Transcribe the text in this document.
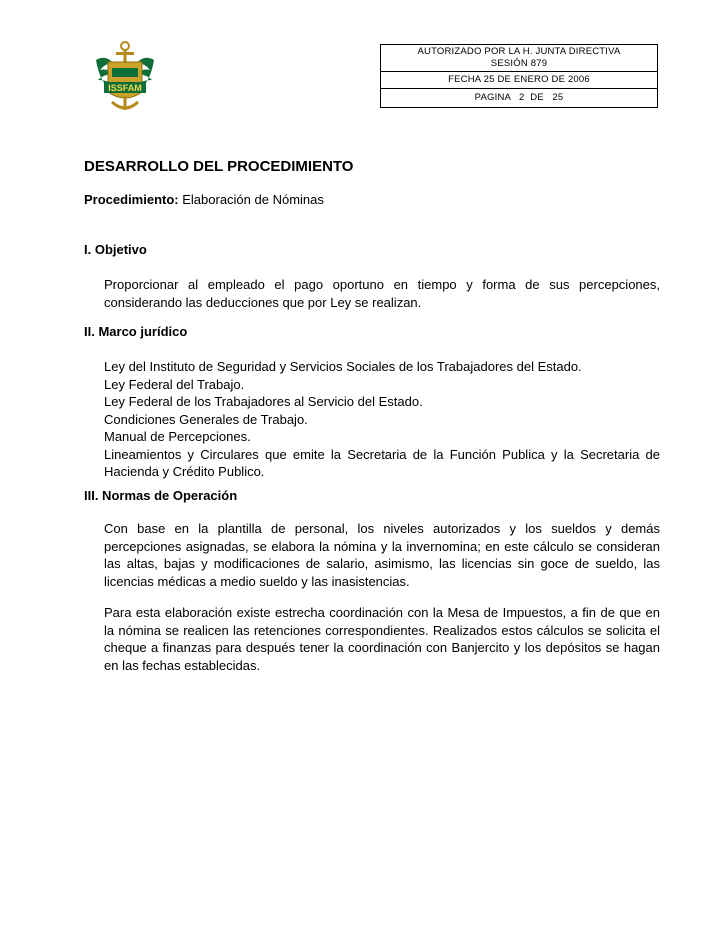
ISSFAM
AUTORIZADO POR LA H. JUNTA DIRECTIVA
SESIÓN 879
FECHA 25 DE ENERO DE 2006
PAGINA   2  DE   25
DESARROLLO DEL PROCEDIMIENTO
Procedimiento: Elaboración de Nóminas
I. Objetivo

Proporcionar al empleado el pago oportuno en tiempo y forma de sus percepciones, considerando las deducciones que por Ley se realizan.

II. Marco jurídico
Ley del Instituto de Seguridad y Servicios Sociales de los Trabajadores del Estado.
Ley Federal del Trabajo.
Ley Federal de los Trabajadores al Servicio del Estado.
Condiciones Generales de Trabajo.
Manual de Percepciones.
Lineamientos y Circulares que emite la Secretaria de la Función Publica y la Secretaria de Hacienda y Crédito Publico.
III. Normas de Operación

Con base en la plantilla de personal, los niveles autorizados y los sueldos y demás percepciones asignadas, se elabora la nómina y la invernomina; en este cálculo se consideran las altas, bajas y modificaciones de salario, asimismo, las licencias sin goce de sueldo, las licencias médicas a medio sueldo y las inasistencias.

Para esta elaboración existe estrecha coordinación con la Mesa de Impuestos, a fin de que en la nómina se realicen las retenciones correspondientes. Realizados estos cálculos se solicita el cheque a finanzas para después tener la coordinación con Banjercito y los depósitos se hagan en las fechas establecidas.
